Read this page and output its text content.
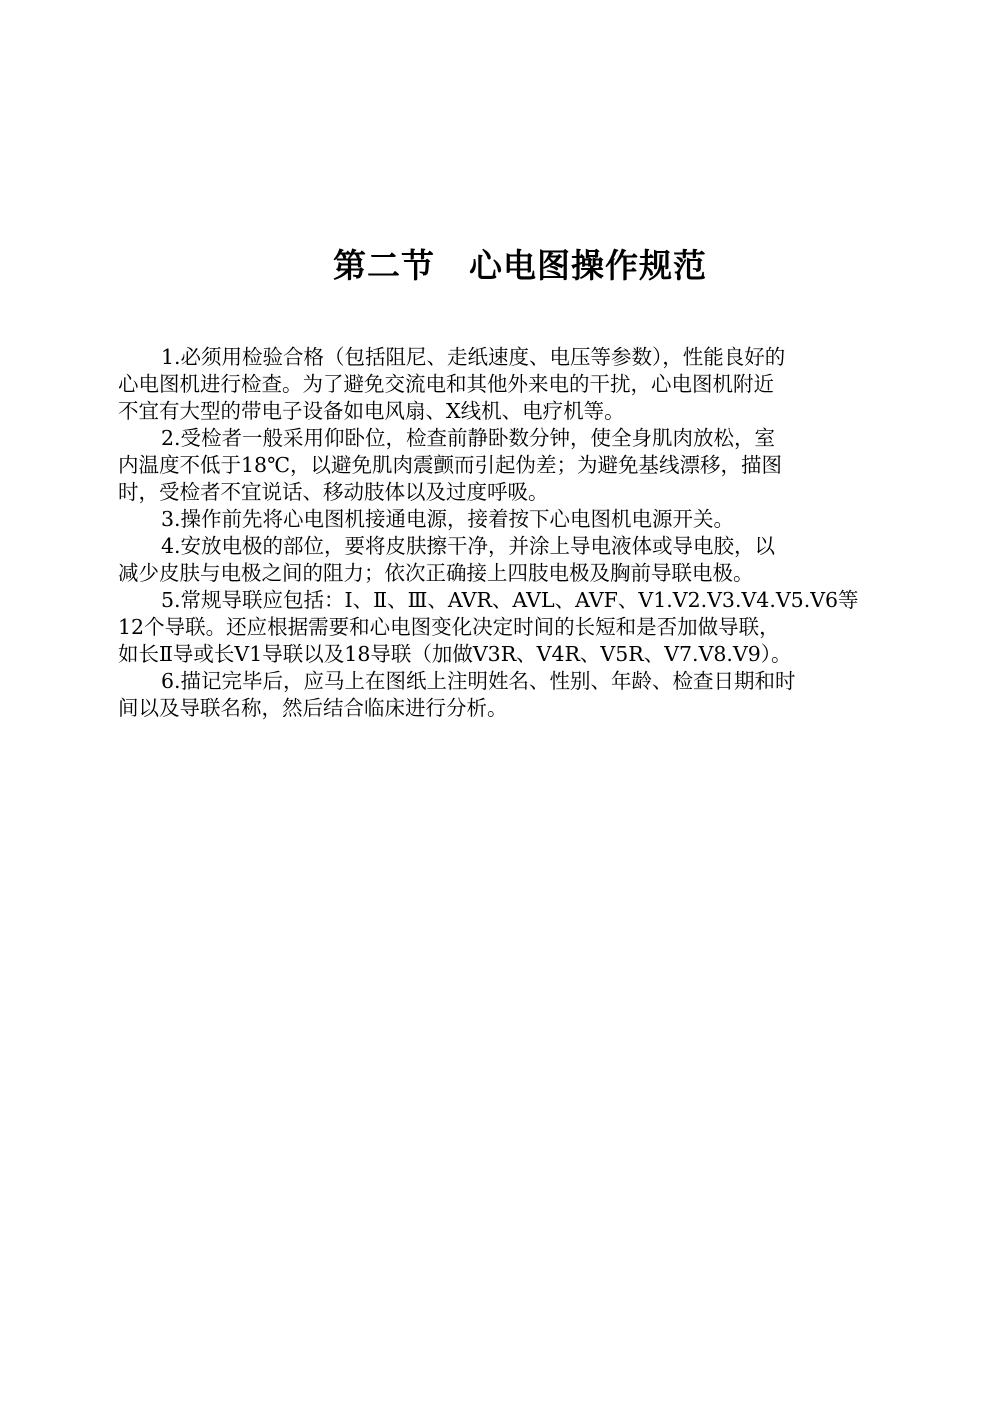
第二节　心电图操作规范
1.必须用检验合格（包括阻尼、走纸速度、电压等参数），性能良好的
心电图机进行检查。为了避免交流电和其他外来电的干扰，心电图机附近
不宜有大型的带电子设备如电风扇、X线机、电疗机等。
2.受检者一般采用仰卧位，检查前静卧数分钟，使全身肌肉放松，室
内温度不低于18℃，以避免肌肉震颤而引起伪差；为避免基线漂移，描图
时，受检者不宜说话、移动肢体以及过度呼吸。
3.操作前先将心电图机接通电源，接着按下心电图机电源开关。
4.安放电极的部位，要将皮肤擦干净，并涂上导电液体或导电胶，以
减少皮肤与电极之间的阻力；依次正确接上四肢电极及胸前导联电极。
5.常规导联应包括：Ⅰ、Ⅱ、Ⅲ、AVR、AVL、AVF、V1.V2.V3.V4.V5.V6等
12个导联。还应根据需要和心电图变化决定时间的长短和是否加做导联，
如长Ⅱ导或长V1导联以及18导联（加做V3R、V4R、V5R、V7.V8.V9）。
6.描记完毕后，应马上在图纸上注明姓名、性别、年龄、检查日期和时
间以及导联名称，然后结合临床进行分析。
